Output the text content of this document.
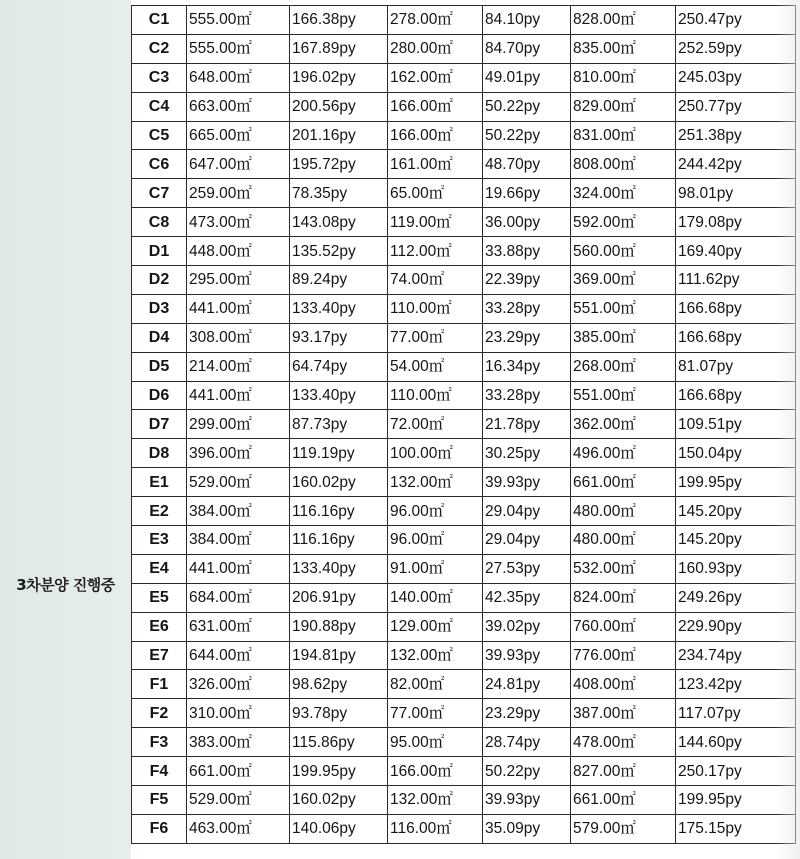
3차분양 진행중
C1	555.00㎡	166.38py	278.00㎡	84.10py	828.00㎡	250.47py
C2	555.00㎡	167.89py	280.00㎡	84.70py	835.00㎡	252.59py
C3	648.00㎡	196.02py	162.00㎡	49.01py	810.00㎡	245.03py
C4	663.00㎡	200.56py	166.00㎡	50.22py	829.00㎡	250.77py
C5	665.00㎡	201.16py	166.00㎡	50.22py	831.00㎡	251.38py
C6	647.00㎡	195.72py	161.00㎡	48.70py	808.00㎡	244.42py
C7	259.00㎡	78.35py	65.00㎡	19.66py	324.00㎡	98.01py
C8	473.00㎡	143.08py	119.00㎡	36.00py	592.00㎡	179.08py
D1	448.00㎡	135.52py	112.00㎡	33.88py	560.00㎡	169.40py
D2	295.00㎡	89.24py	74.00㎡	22.39py	369.00㎡	111.62py
D3	441.00㎡	133.40py	110.00㎡	33.28py	551.00㎡	166.68py
D4	308.00㎡	93.17py	77.00㎡	23.29py	385.00㎡	166.68py
D5	214.00㎡	64.74py	54.00㎡	16.34py	268.00㎡	81.07py
D6	441.00㎡	133.40py	110.00㎡	33.28py	551.00㎡	166.68py
D7	299.00㎡	87.73py	72.00㎡	21.78py	362.00㎡	109.51py
D8	396.00㎡	119.19py	100.00㎡	30.25py	496.00㎡	150.04py
E1	529.00㎡	160.02py	132.00㎡	39.93py	661.00㎡	199.95py
E2	384.00㎡	116.16py	96.00㎡	29.04py	480.00㎡	145.20py
E3	384.00㎡	116.16py	96.00㎡	29.04py	480.00㎡	145.20py
E4	441.00㎡	133.40py	91.00㎡	27.53py	532.00㎡	160.93py
E5	684.00㎡	206.91py	140.00㎡	42.35py	824.00㎡	249.26py
E6	631.00㎡	190.88py	129.00㎡	39.02py	760.00㎡	229.90py
E7	644.00㎡	194.81py	132.00㎡	39.93py	776.00㎡	234.74py
F1	326.00㎡	98.62py	82.00㎡	24.81py	408.00㎡	123.42py
F2	310.00㎡	93.78py	77.00㎡	23.29py	387.00㎡	117.07py
F3	383.00㎡	115.86py	95.00㎡	28.74py	478.00㎡	144.60py
F4	661.00㎡	199.95py	166.00㎡	50.22py	827.00㎡	250.17py
F5	529.00㎡	160.02py	132.00㎡	39.93py	661.00㎡	199.95py
F6	463.00㎡	140.06py	116.00㎡	35.09py	579.00㎡	175.15py
